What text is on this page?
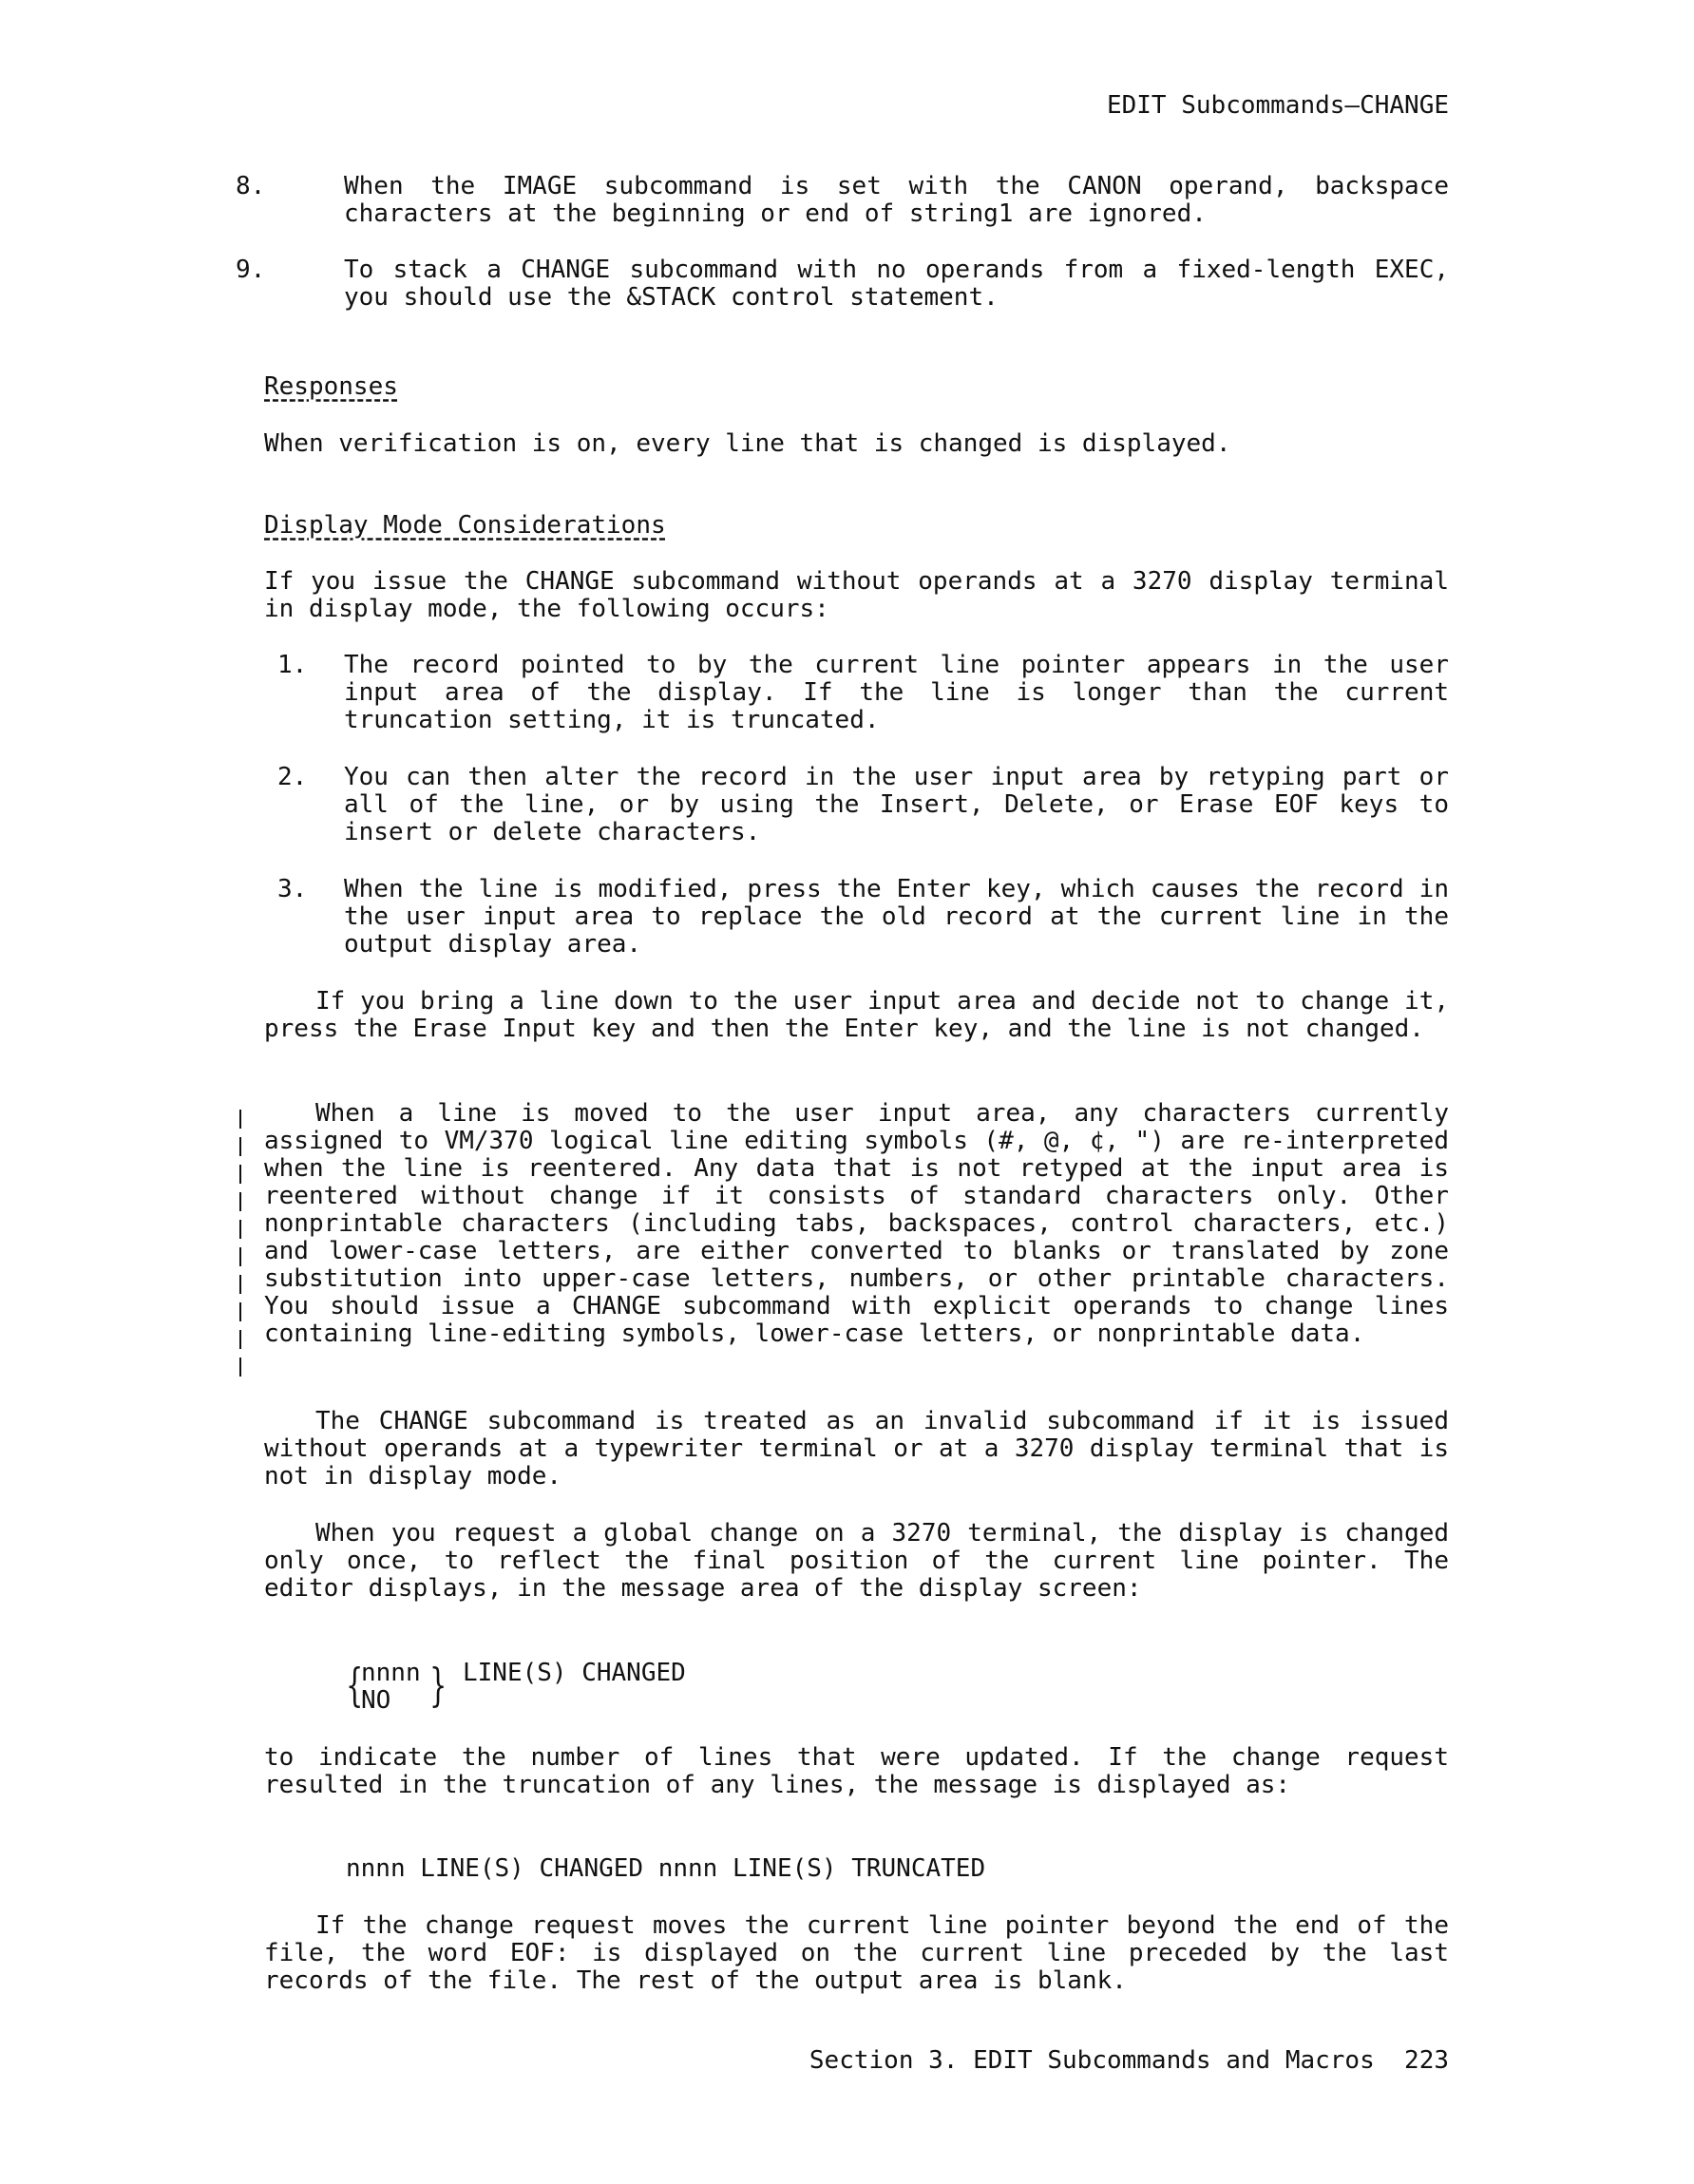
EDIT Subcommands—CHANGE
8.	When the IMAGE subcommand is set with the CANON operand, backspace characters at the beginning or end of string1 are ignored.
9.	To stack a CHANGE subcommand with no operands from a fixed-length EXEC, you should use the &STACK control statement.
Responses
When verification is on, every line that is changed is displayed.
Display Mode Considerations
If you issue the CHANGE subcommand without operands at a 3270 display terminal in display mode, the following occurs:
1. The record pointed to by the current line pointer appears in the user input area of the display. If the line is longer than the current truncation setting, it is truncated.
2. You can then alter the record in the user input area by retyping part or all of the line, or by using the Insert, Delete, or Erase EOF keys to insert or delete characters.
3. When the line is modified, press the Enter key, which causes the record in the user input area to replace the old record at the current line in the output display area.
If you bring a line down to the user input area and decide not to change it, press the Erase Input key and then the Enter key, and the line is not changed.
When a line is moved to the user input area, any characters currently assigned to VM/370 logical line editing symbols (#, @, ¢, ") are re-interpreted when the line is reentered. Any data that is not retyped at the input area is reentered without change if it consists of standard characters only. Other nonprintable characters (including tabs, backspaces, control characters, etc.) and lower-case letters, are either converted to blanks or translated by zone substitution into upper-case letters, numbers, or other printable characters. You should issue a CHANGE subcommand with explicit operands to change lines containing line-editing symbols, lower-case letters, or nonprintable data.
The CHANGE subcommand is treated as an invalid subcommand if it is issued without operands at a typewriter terminal or at a 3270 display terminal that is not in display mode.
When you request a global change on a 3270 terminal, the display is changed only once, to reflect the final position of the current line pointer. The editor displays, in the message area of the display screen:
{
nnnn
NO } LINE(S) CHANGED
to indicate the number of lines that were updated. If the change request resulted in the truncation of any lines, the message is displayed as:
nnnn LINE(S) CHANGED nnnn LINE(S) TRUNCATED
If the change request moves the current line pointer beyond the end of the file, the word EOF: is displayed on the current line preceded by the last records of the file. The rest of the output area is blank.
Section 3. EDIT Subcommands and Macros  223
